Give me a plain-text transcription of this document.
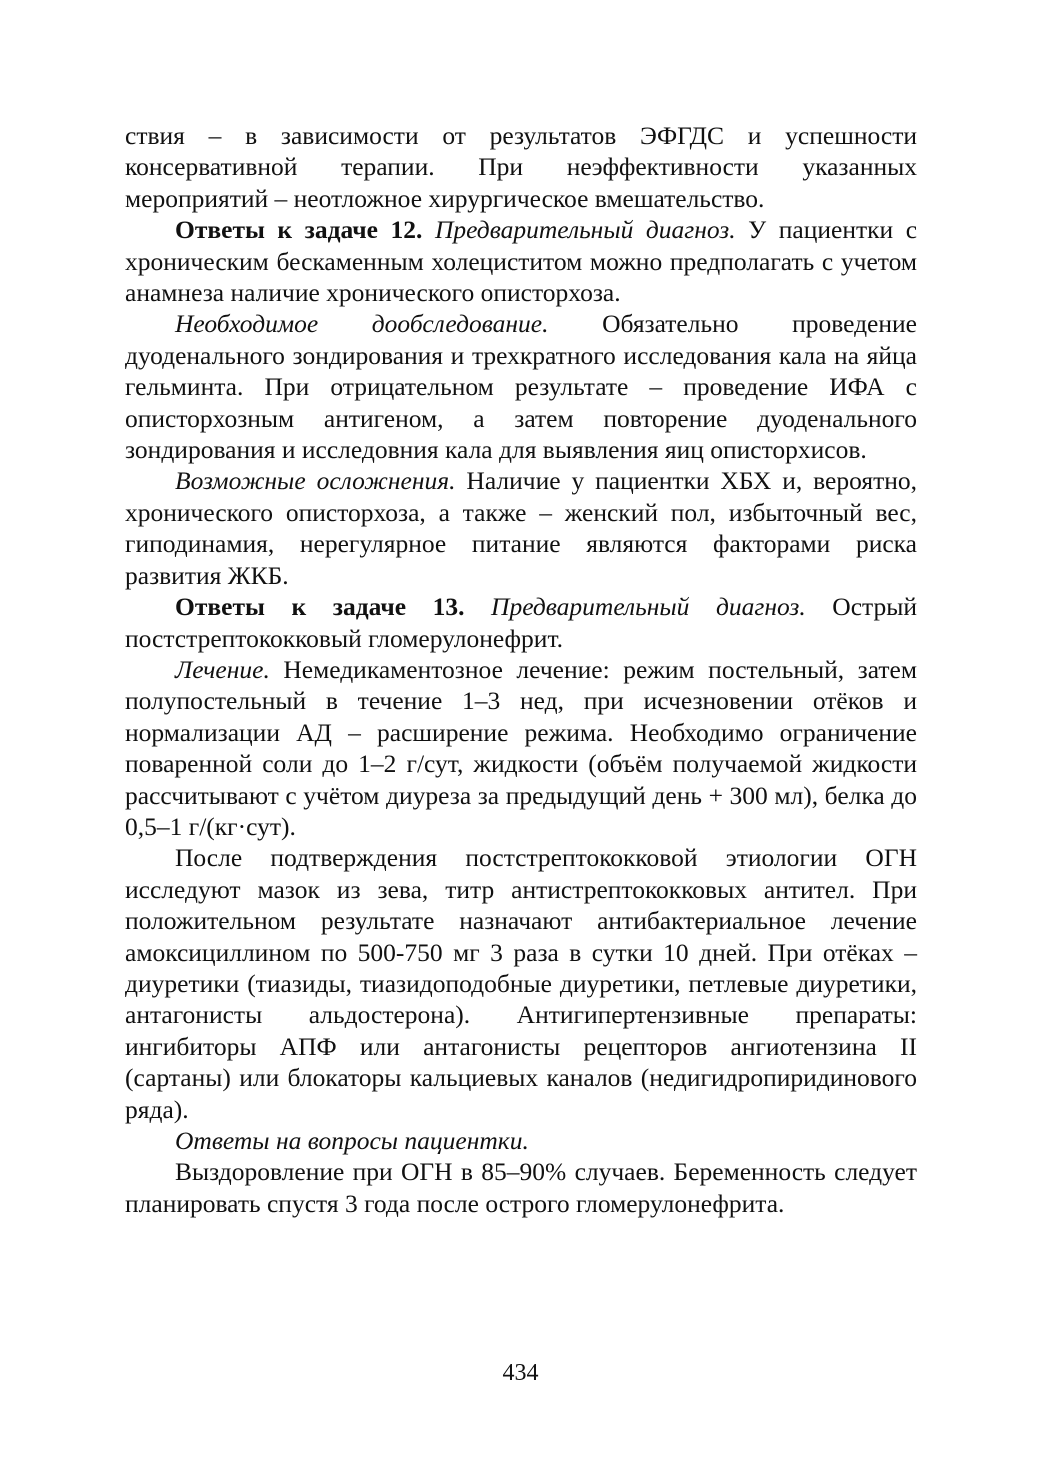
ствия – в зависимости от результатов ЭФГДС и успешности консервативной терапии. При неэффективности указанных мероприятий – неотложное хирургическое вмешательство.

Ответы к задаче 12. Предварительный диагноз. У пациентки с хроническим бескаменным холециститом можно предполагать с учетом анамнеза наличие хронического описторхоза.

Необходимое дообследование. Обязательно проведение дуоденального зондирования и трехкратного исследования кала на яйца гельминта. При отрицательном результате – проведение ИФА с описторхозным антигеном, а затем повторение дуоденального зондирования и исследовния кала для выявления яиц описторхисов.

Возможные осложнения. Наличие у пациентки ХБХ и, вероятно, хронического описторхоза, а также – женский пол, избыточный вес, гиподинамия, нерегулярное питание являются факторами риска развития ЖКБ.

Ответы к задаче 13. Предварительный диагноз. Острый постстрептококковый гломерулонефрит.

Лечение. Немедикаментозное лечение: режим постельный, затем полупостельный в течение 1–3 нед, при исчезновении отёков и нормализации АД – расширение режима. Необходимо ограничение поваренной соли до 1–2 г/сут, жидкости (объём получаемой жидкости рассчитывают с учётом диуреза за предыдущий день + 300 мл), белка до 0,5–1 г/(кг·сут).

После подтверждения постстрептококковой этиологии ОГН исследуют мазок из зева, титр антистрептококковых антител. При положительном результате назначают антибактериальное лечение амоксициллином по 500-750 мг 3 раза в сутки 10 дней. При отёках – диуретики (тиазиды, тиазидоподобные диуретики, петлевые диуретики, антагонисты альдостерона). Антигипертензивные препараты: ингибиторы АПФ или антагонисты рецепторов ангиотензина II (сартаны) или блокаторы кальциевых каналов (недигидропиридинового ряда).

Ответы на вопросы пациентки.

Выздоровление при ОГН в 85–90% случаев. Беременность следует планировать спустя 3 года после острого гломерулонефрита.

434
